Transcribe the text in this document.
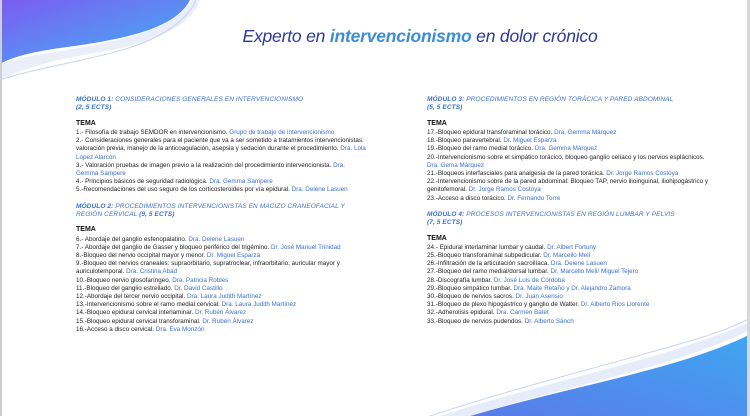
Experto en intervencionismo en dolor crónico
MÓDULO 1: CONSIDERACIONES GENERALES EN INTERVENCIONISMO
(2, 5 ECTS)
TEMA
1.- Filosofía de trabajo SEMDOR en intervencionismo. Grupo de trabajo de intervencionismo
2.- Consideraciones generales para el paciente que va a ser sometido a tratamientos intervencionistas: valoración previa, manejo de la anticoagulación, asepsia y sedación durante el procedimiento. Dra. Lola López Alarcón
3.- Valoración pruebas de imagen previo a la realización del procedimiento intervencionista. Dra. Gemma Sampere
4.- Principios básicos de seguridad radiológica. Dra. Gemma Sampere
5.-Recomendaciones del uso seguro de los corticosteroides por vía epidural. Dra. Deiene Lasuen
MÓDULO 2: PROCEDIMIENTOS INTERVENCIONISTAS EN MACIZO CRANEOFACIAL Y REGIÓN CERVICAL (9, 5 ECTS)
TEMA
6.- Abordaje del ganglio esfenopalatino. Dra. Deiene Lasuen
7.- Abordaje del ganglio de Gasser y bloqueo periférico del trigémino. Dr. José Manuel Trinidad
8.-Bloqueo del nervio occipital mayor y menor. Dr. Miguel Esparza
9.-Bloqueo del nervios craneales: supraorbitario, supratroclear, infraorbitario, auricular mayor y auriculotemporal. Dra. Cristina Abad
10.-Bloqueo nervio glosofaríngeo. Dra. Patricia Robles
11.-Bloqueo del ganglio estrellado. Dr. David Castillo
12.-Abordaje del tercer nervio occipital. Dra. Laura Judith Martínez
13.-Intervencionismo sobre el ramo medial cervical. Dra. Laura Judith Martínez
14.-Bloqueo epidural cervical interlaminar. Dr. Rubén Álvarez
15.-Bloqueo epidural cervical transforaminal. Dr. Rubén Álvarez
16.-Acceso a disco cervical. Dra. Eva Monzón
MÓDULO 3: PROCEDIMIENTOS EN REGIÓN TORÁCICA Y PARED ABDOMINAL
(5, 5 ECTS)
TEMA
17.-Bloqueo epidural transforaminal torácico. Dra. Gemma Márquez
18.-Bloqueo paravertebral. Dr. Miguel Esparza
19.-Bloqueo del ramo medial torácico. Dra. Gemma Márquez
20.-Intervencionismo sobre el simpático torácico, bloqueo ganglio celíaco y los nervios esplácnicos. Dra. Gema Márquez
21.-Bloqueos interfasciales para analgesia de la pared torácica. Dr. Jorge Ramos Costoya
22.-Intervencionismo sobre de la pared abdominal: Bloqueo TAP, nervio ilioinguinal, iliohipogástrico y genitofemoral. Dr. Jorge Ramos Costoya
23.-Acceso a disco torácico. Dr. Fernando Torre
MÓDULO 4: PROCESOS INTERVENCIONISTAS EN REGIÓN LUMBAR Y PELVIS
(7, 5 ECTS)
TEMA
24.- Epidural interlaminar lumbar y caudal. Dr. Albert Fortuny
25.-Bloqueo transforaminal subpedicular. Dr. Marcello Meli
26.-Infiltración de la articulación sacroilíaca. Dra. Deiene Lasuen
27.-Bloqueo del ramo medial/dorsal lumbar. Dr. Marcello Meli/ Miguel Tejero
28.-Discografía lumbar. Dr. José Luis de Córdoba
29.-Bloqueo simpático lumbar. Dra. Maite Retaño y Dr. Alejandro Zamora
30.-Bloqueo de nervios sacros. Dr. Juan Asensio
31.-Bloqueo de plexo hipogástrico y ganglio de Walter. Dr. Alberto Ríos Llorente
32.-Adherolisis epidural. Dra. Carmen Batet
33.-Bloqueo de nervios pudendos. Dr. Alberto Sánch
